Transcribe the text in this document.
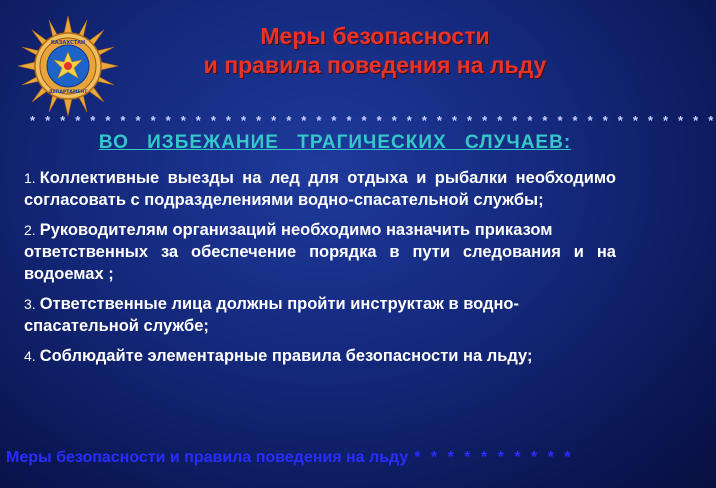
КАЗАХСТАН
ДЕПАРТАМЕНТ
Меры безопасности
и правила поведения на льду
* * * * * * * * * * * * * * * * * * * * * * * * * * * * * * * * * * * * * * * * * * * * * *
ВО ИЗБЕЖАНИЕ ТРАГИЧЕСКИХ СЛУЧАЕВ:
1. Коллективные выезды на лед для отдыха и рыбалки необходимо согласовать с подразделениями водно-спасательной службы;
2. Руководителям организаций необходимо назначить приказом
ответственных за обеспечение порядка в пути следования и на водоемах ;
3. Ответственные лица должны пройти инструктаж в водно-
спасательной службе;
4. Соблюдайте элементарные правила безопасности на льду;
Меры безопасности и правила поведения на льду * * * * * * * * * *
